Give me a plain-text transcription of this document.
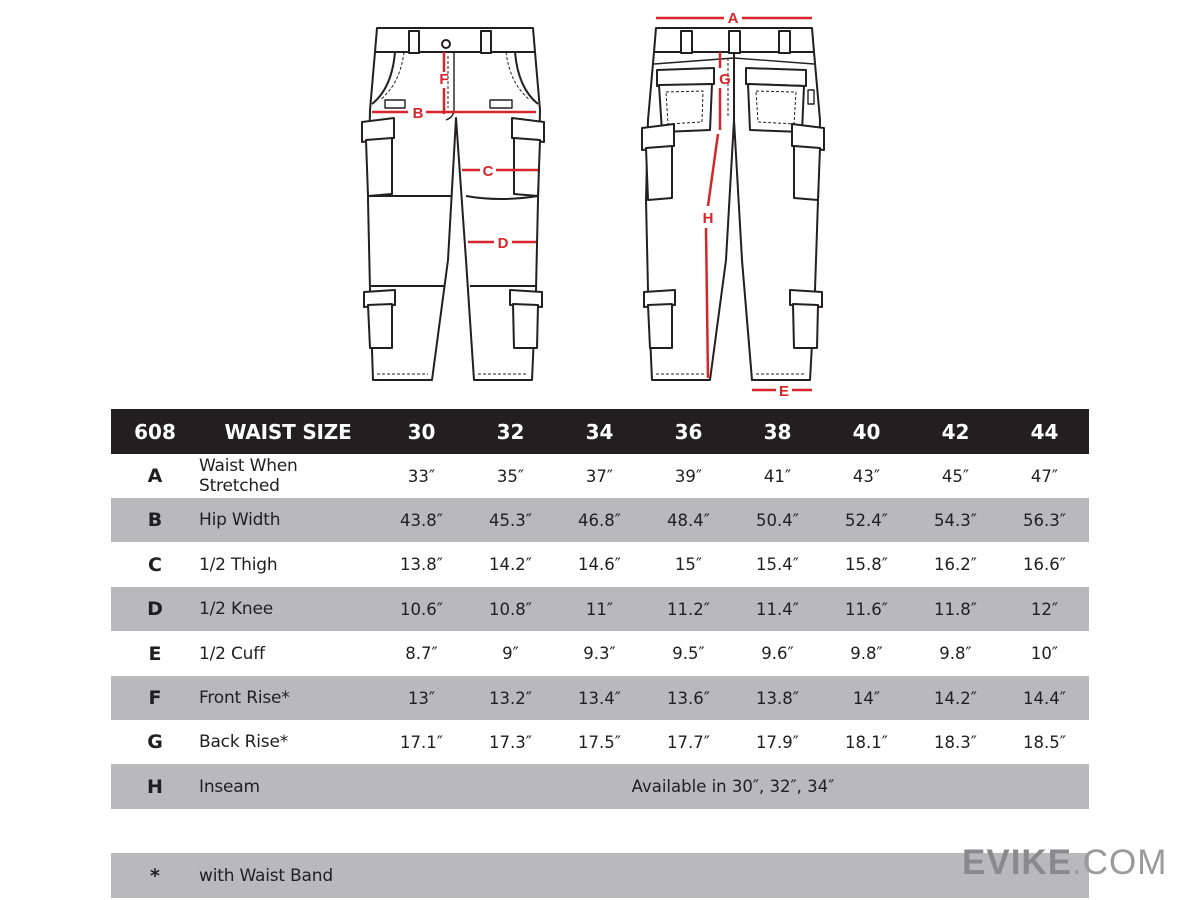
B
F
C
D
A
G
H
E
608	WAIST SIZE	30	32	34	36	38	40	42	44
A	Waist When Stretched	33″	35″	37″	39″	41″	43″	45″	47″
B	Hip Width	43.8″	45.3″	46.8″	48.4″	50.4″	52.4″	54.3″	56.3″
C	1/2 Thigh	13.8″	14.2″	14.6″	15″	15.4″	15.8″	16.2″	16.6″
D	1/2 Knee	10.6″	10.8″	11″	11.2″	11.4″	11.6″	11.8″	12″
E	1/2 Cuff	8.7″	9″	9.3″	9.5″	9.6″	9.8″	9.8″	10″
F	Front Rise*	13″	13.2″	13.4″	13.6″	13.8″	14″	14.2″	14.4″
G	Back Rise*	17.1″	17.3″	17.5″	17.7″	17.9″	18.1″	18.3″	18.5″
H	Inseam	Available in 30″, 32″, 34″
*	with Waist Band	EVIKE .COM
